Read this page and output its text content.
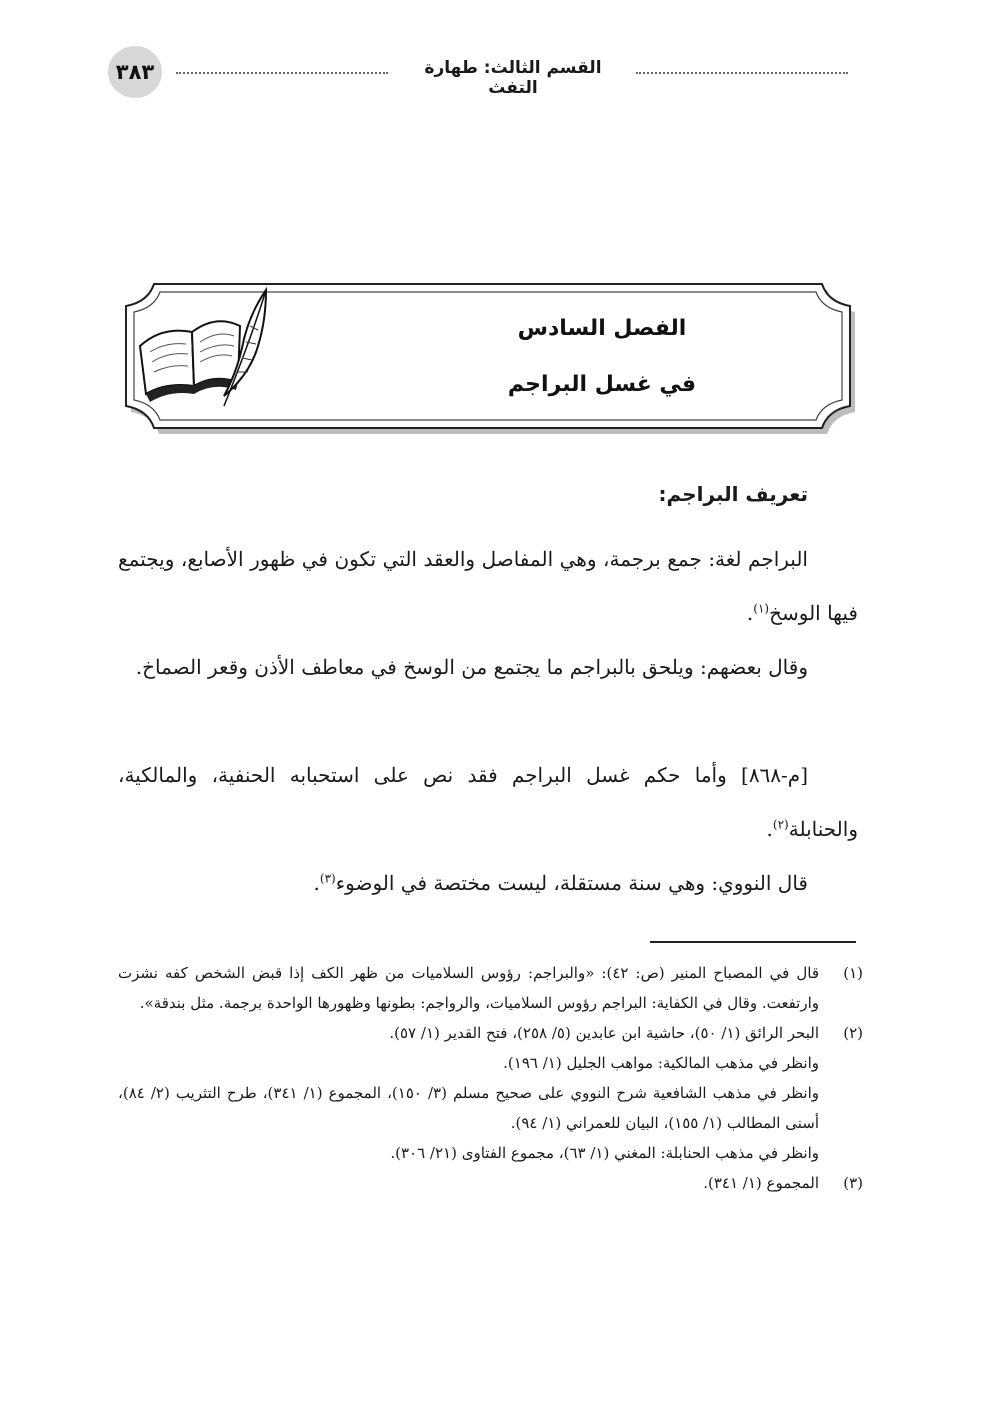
٣٨٣	القسم الثالث: طهارة التفث
الفصل السادس
في غسل البراجم
تعريف البراجم:

البراجم لغة: جمع برجمة، وهي المفاصل والعقد التي تكون في ظهور الأصابع، ويجتمع فيها الوسخ$^{(١)}$.

وقال بعضهم: ويلحق بالبراجم ما يجتمع من الوسخ في معاطف الأذن وقعر الصماخ.

[م-٨٦٨] وأما حكم غسل البراجم فقد نص على استحبابه الحنفية، والمالكية، والحنابلة$^{(٢)}$.

قال النووي: وهي سنة مستقلة، ليست مختصة في الوضوء$^{(٣)}$.

(١)
قال في المصباح المنير (ص: ٤٢): «والبراجم: رؤوس السلاميات من ظهر الكف إذا قبض الشخص كفه نشزت وارتفعت. وقال في الكفاية: البراجم رؤوس السلاميات، والرواجم: بطونها وظهورها الواحدة برجمة. مثل بندقة».
(٢)
البحر الرائق (١/ ٥٠)، حاشية ابن عابدين (٥/ ٢٥٨)، فتح القدير (١/ ٥٧).
وانظر في مذهب المالكية: مواهب الجليل (١/ ١٩٦).
وانظر في مذهب الشافعية شرح النووي على صحيح مسلم (٣/ ١٥٠)، المجموع (١/ ٣٤١)، طرح التثريب (٢/ ٨٤)، أسنى المطالب (١/ ١٥٥)، البيان للعمراني (١/ ٩٤).
وانظر في مذهب الحنابلة: المغني (١/ ٦٣)، مجموع الفتاوى (٢١/ ٣٠٦).
(٣)
المجموع (١/ ٣٤١).
